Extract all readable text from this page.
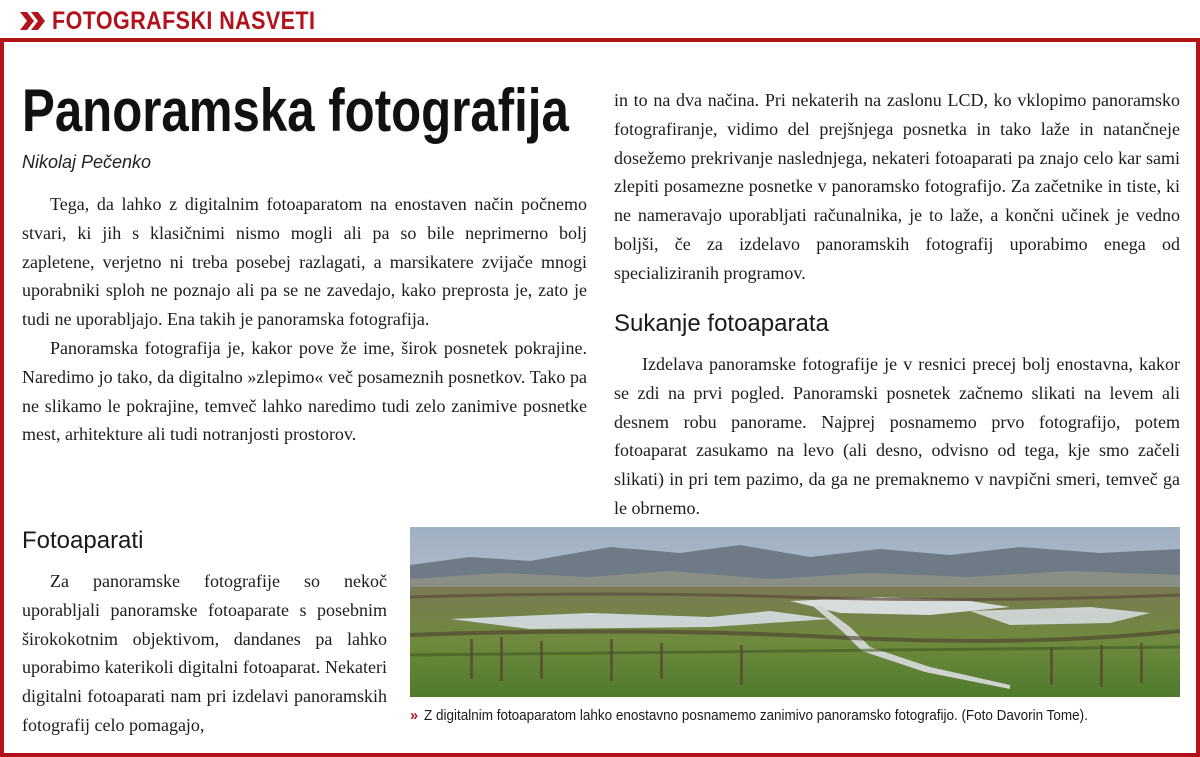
FOTOGRAFSKI NASVETI
Panoramska fotografija
Nikolaj Pečenko

Tega, da lahko z digitalnim fotoaparatom na enostaven način počnemo stvari, ki jih s klasičnimi nismo mogli ali pa so bile neprimerno bolj zapletene, verjetno ni treba posebej razlagati, a marsikatere zvijače mnogi uporabniki sploh ne poznajo ali pa se ne zavedajo, kako preprosta je, zato je tudi ne uporabljajo. Ena takih je panoramska fotografija.

Panoramska fotografija je, kakor pove že ime, širok posnetek pokrajine. Naredimo jo tako, da digitalno »zlepimo« več posameznih posnetkov. Tako pa ne slikamo le pokrajine, temveč lahko naredimo tudi zelo zanimive posnetke mest, arhitekture ali tudi notranjosti prostorov.

Fotoaparati

Za panoramske fotografije so nekoč uporabljali panoramske fotoaparate s posebnim širokokotnim objektivom, dandanes pa lahko uporabimo katerikoli digitalni fotoaparat. Nekateri digitalni fotoaparati nam pri izdelavi panoramskih fotografij celo pomagajo,

in to na dva načina. Pri nekaterih na zaslonu LCD, ko vklopimo panoramsko fotografiranje, vidimo del prejšnjega posnetka in tako laže in natančneje dosežemo prekrivanje naslednjega, nekateri fotoaparati pa znajo celo kar sami zlepiti posamezne posnetke v panoramsko fotografijo. Za začetnike in tiste, ki ne nameravajo uporabljati računalnika, je to laže, a končni učinek je vedno boljši, če za izdelavo panoramskih fotografij uporabimo enega od specializiranih programov.

Sukanje fotoaparata

Izdelava panoramske fotografije je v resnici precej bolj enostavna, kakor se zdi na prvi pogled. Panoramski posnetek začnemo slikati na levem ali desnem robu panorame. Najprej posnamemo prvo fotografijo, potem fotoaparat zasukamo na levo (ali desno, odvisno od tega, kje smo začeli slikati) in pri tem pazimo, da ga ne premaknemo v navpični smeri, temveč ga le obrnemo.

» Z digitalnim fotoaparatom lahko enostavno posnamemo zanimivo panoramsko fotografijo. (Foto Davorin Tome).
